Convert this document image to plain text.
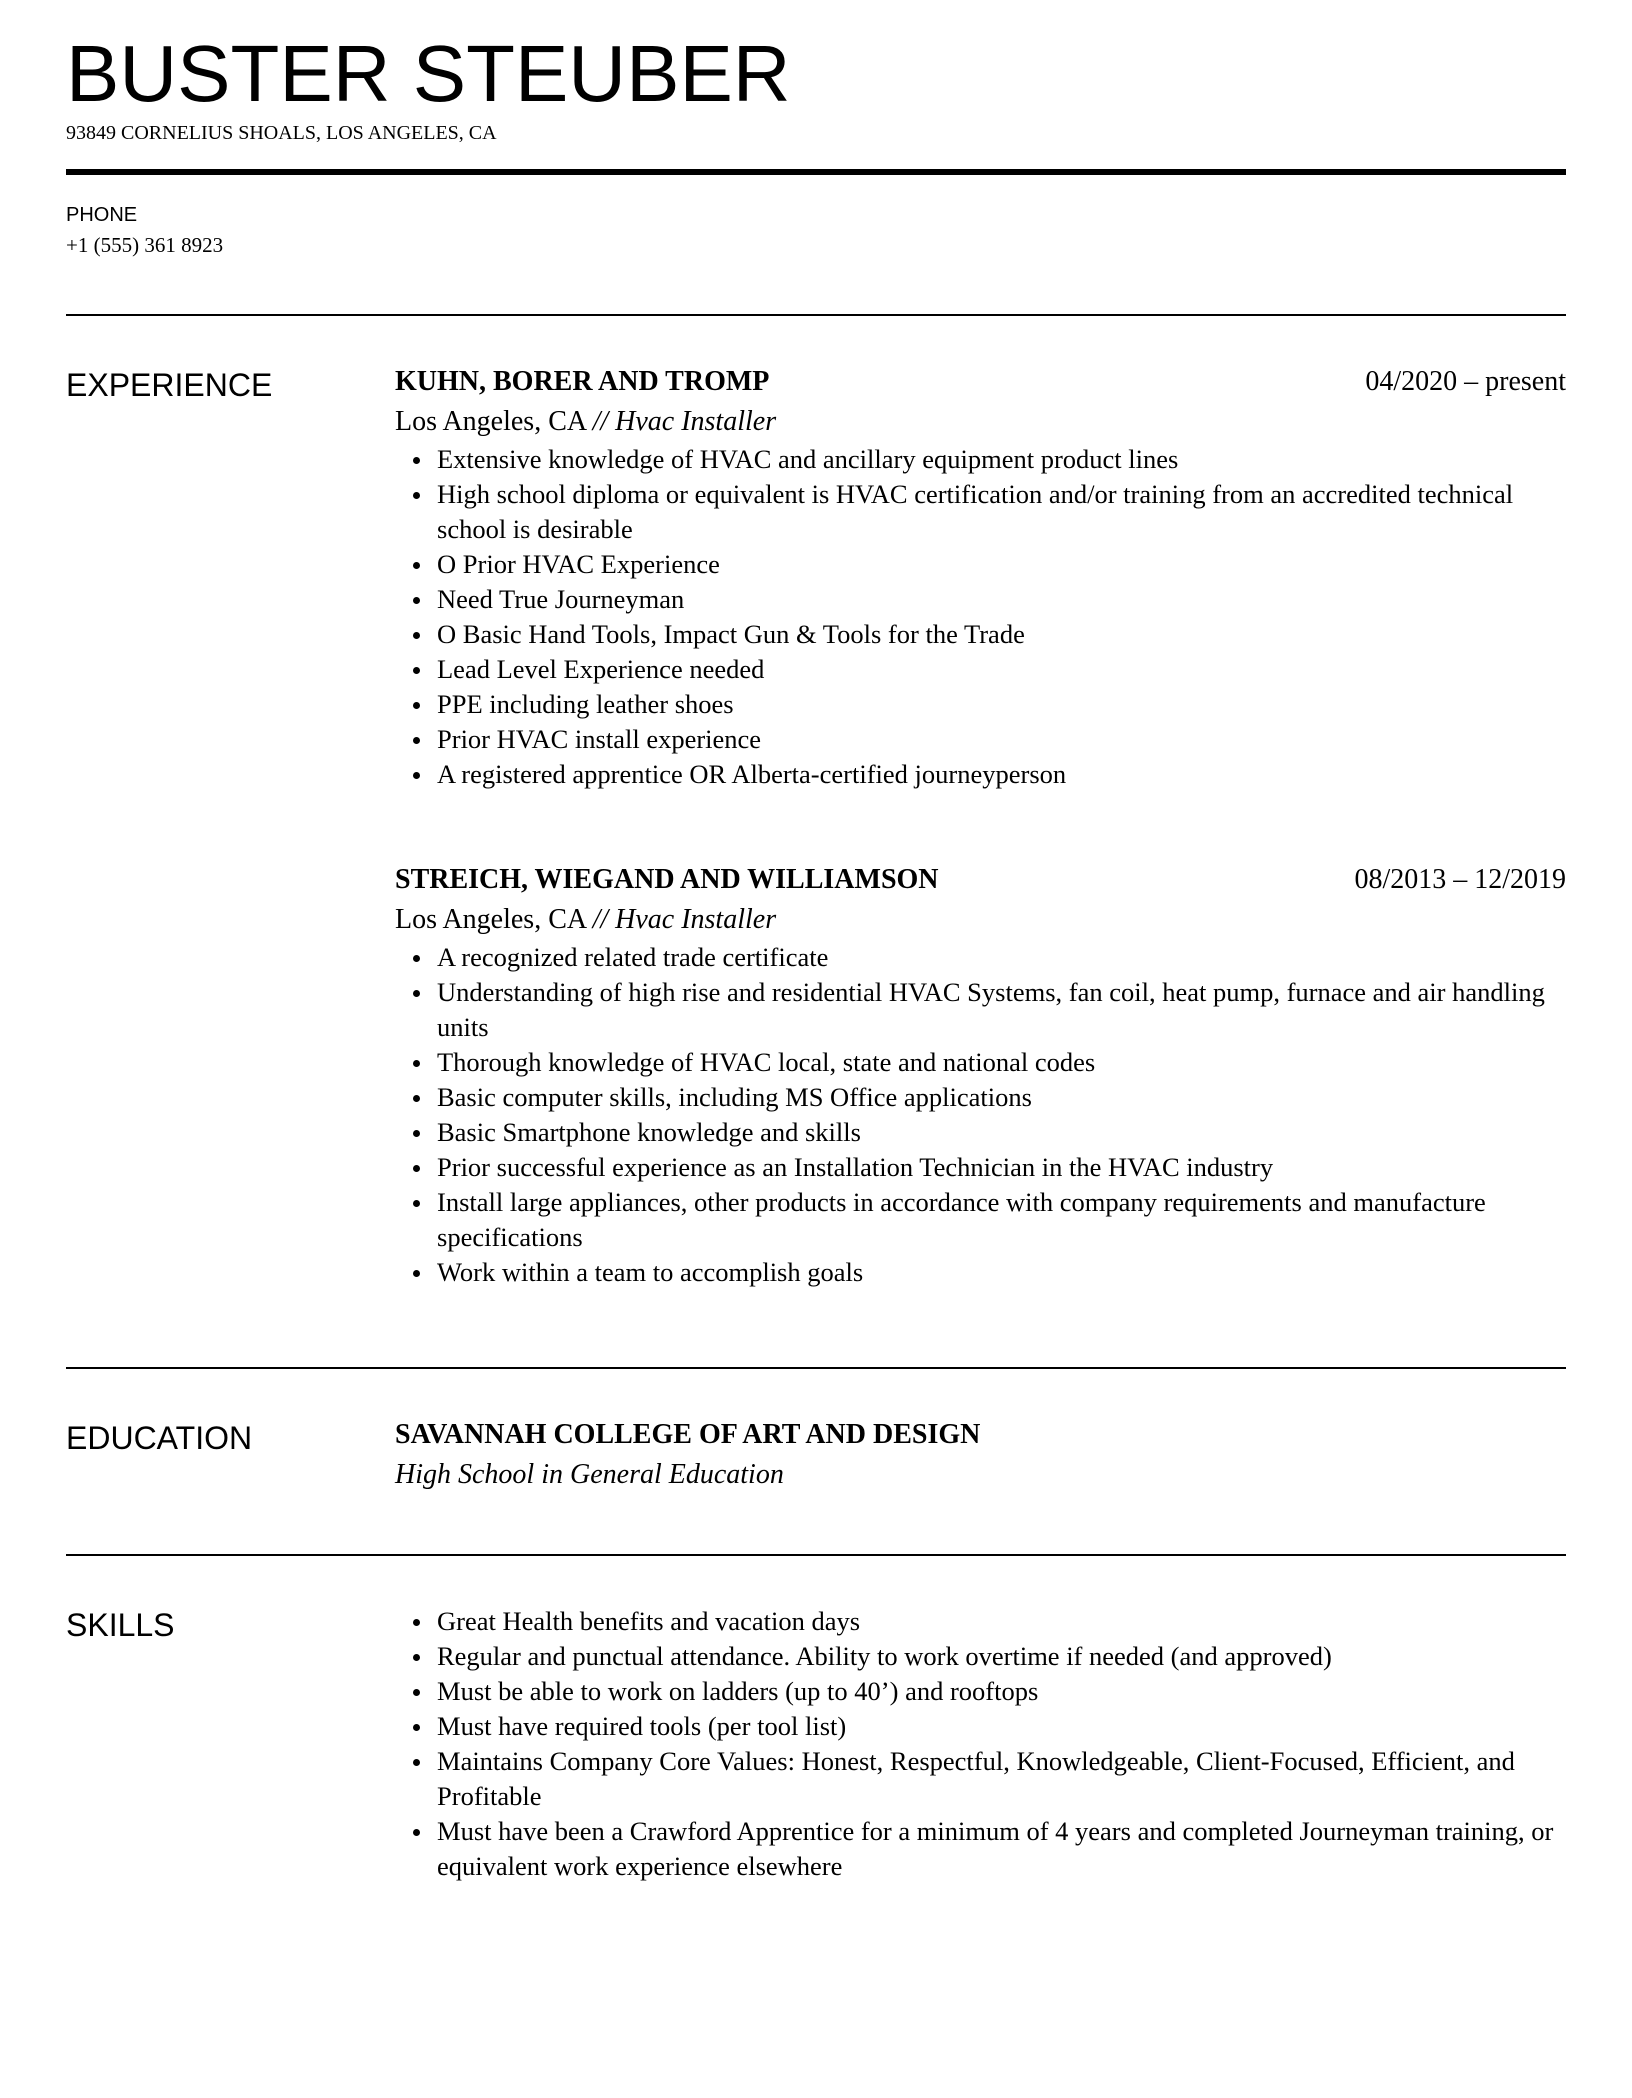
BUSTER STEUBER
93849 CORNELIUS SHOALS, LOS ANGELES, CA
PHONE
+1 (555) 361 8923
EXPERIENCE	KUHN, BORER AND TROMP	04/2020 – present
Los Angeles, CA // Hvac Installer
Extensive knowledge of HVAC and ancillary equipment product lines
High school diploma or equivalent is HVAC certification and/or training from an accredited technical school is desirable
O Prior HVAC Experience
Need True Journeyman
O Basic Hand Tools, Impact Gun & Tools for the Trade
Lead Level Experience needed
PPE including leather shoes
Prior HVAC install experience
A registered apprentice OR Alberta-certified journeyperson
STREICH, WIEGAND AND WILLIAMSON	08/2013 – 12/2019
Los Angeles, CA // Hvac Installer
A recognized related trade certificate
Understanding of high rise and residential HVAC Systems, fan coil, heat pump, furnace and air handling units
Thorough knowledge of HVAC local, state and national codes
Basic computer skills, including MS Office applications
Basic Smartphone knowledge and skills
Prior successful experience as an Installation Technician in the HVAC industry
Install large appliances, other products in accordance with company requirements and manufacture specifications
Work within a team to accomplish goals
EDUCATION	SAVANNAH COLLEGE OF ART AND DESIGN
High School in General Education
SKILLS	Great Health benefits and vacation days
Regular and punctual attendance. Ability to work overtime if needed (and approved)
Must be able to work on ladders (up to 40’) and rooftops
Must have required tools (per tool list)
Maintains Company Core Values: Honest, Respectful, Knowledgeable, Client-Focused, Efficient, and Profitable
Must have been a Crawford Apprentice for a minimum of 4 years and completed Journeyman training, or equivalent work experience elsewhere
